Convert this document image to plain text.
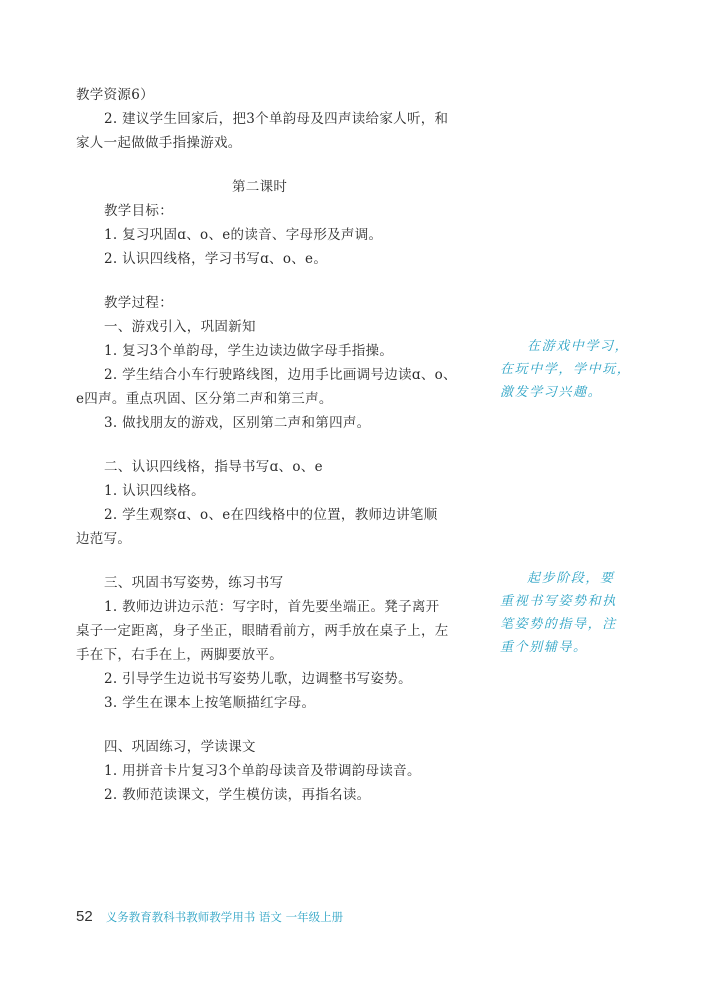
教学资源6）
2. 建议学生回家后，把3个单韵母及四声读给家人听，和
家人一起做做手指操游戏。
第二课时
教学目标：
1. 复习巩固ɑ、o、e的读音、字母形及声调。
2. 认识四线格，学习书写ɑ、o、e。
教学过程：
一、游戏引入，巩固新知
1. 复习3个单韵母，学生边读边做字母手指操。
2. 学生结合小车行驶路线图，边用手比画调号边读ɑ、o、
e四声。重点巩固、区分第二声和第三声。
3. 做找朋友的游戏，区别第二声和第四声。
二、认识四线格，指导书写ɑ、o、e
1. 认识四线格。
2. 学生观察ɑ、o、e在四线格中的位置，教师边讲笔顺
边范写。
三、巩固书写姿势，练习书写
1. 教师边讲边示范：写字时，首先要坐端正。凳子离开
桌子一定距离，身子坐正，眼睛看前方，两手放在桌子上，左
手在下，右手在上，两脚要放平。
2. 引导学生边说书写姿势儿歌，边调整书写姿势。
3. 学生在课本上按笔顺描红字母。
四、巩固练习，学读课文
1. 用拼音卡片复习3个单韵母读音及带调韵母读音。
2. 教师范读课文，学生模仿读，再指名读。
在游戏中学习，
在玩中学，学中玩，
激发学习兴趣。
起步阶段，要
重视书写姿势和执
笔姿势的指导，注
重个别辅导。
52 义务教育教科书教师教学用书 语文 一年级上册
